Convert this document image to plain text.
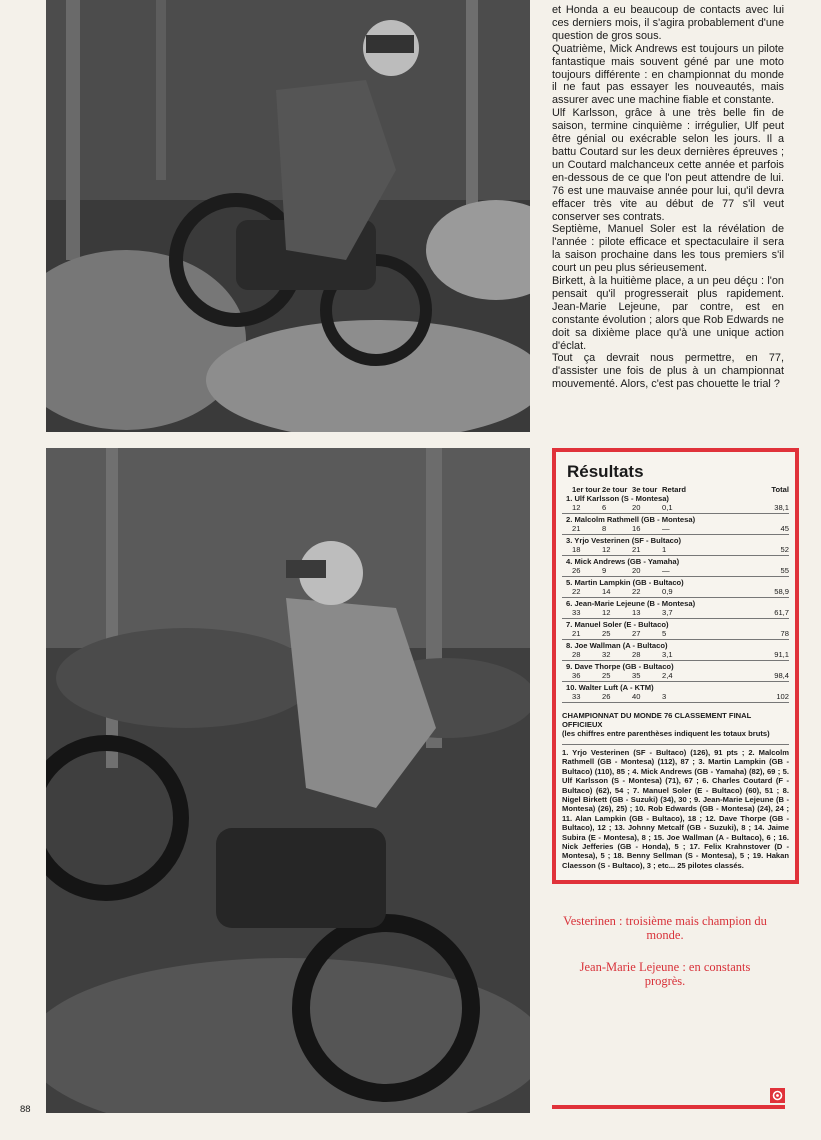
et Honda a eu beaucoup de contacts avec lui ces derniers mois, il s'agira probablement d'une question de gros sous.

Quatrième, Mick Andrews est toujours un pilote fantastique mais souvent géné par une moto toujours différente : en championnat du monde il ne faut pas essayer les nouveautés, mais assurer avec une machine fiable et constante.

Ulf Karlsson, grâce à une très belle fin de saison, termine cinquième : irrégulier, Ulf peut être génial ou exécrable selon les jours. Il a battu Coutard sur les deux dernières épreuves ; un Coutard malchanceux cette année et parfois en-dessous de ce que l'on peut attendre de lui. 76 est une mauvaise année pour lui, qu'il devra effacer très vite au début de 77 s'il veut conserver ses contrats.

Septième, Manuel Soler est la révélation de l'année : pilote efficace et spectaculaire il sera la saison prochaine dans les tous premiers s'il court un peu plus sérieusement.

Birkett, à la huitième place, a un peu déçu : l'on pensait qu'il progresserait plus rapidement. Jean-Marie Lejeune, par contre, est en constante évolution ; alors que Rob Edwards ne doit sa dixième place qu'à une unique action d'éclat.

Tout ça devrait nous permettre, en 77, d'assister une fois de plus à un championnat mouvementé. Alors, c'est pas chouette le trial ?

Résultats
1er tour 2e tour 3e tour Retard	Total
1. Ulf Karlsson (S - Montesa)
12	6	20	0,1	38,1
2. Malcolm Rathmell (GB - Montesa)
21	8	16	—	45
3. Yrjo Vesterinen (SF - Bultaco)
18	12	21	1	52
4. Mick Andrews (GB - Yamaha)
26	9	20	—	55
5. Martin Lampkin (GB - Bultaco)
22	14	22	0,9	58,9
6. Jean-Marie Lejeune (B - Montesa)
33	12	13	3,7	61,7
7. Manuel Soler (E - Bultaco)
21	25	27	5	78
8. Joe Wallman (A - Bultaco)
28	32	28	3,1	91,1
9. Dave Thorpe (GB - Bultaco)
36	25	35	2,4	98,4
10. Walter Luft (A - KTM)
33	26	40	3	102
CHAMPIONNAT DU MONDE 76 CLASSEMENT FINAL OFFICIEUX
(les chiffres entre parenthèses indiquent les totaux bruts)
1. Yrjo Vesterinen (SF - Bultaco) (126), 91 pts ; 2. Malcolm Rathmell (GB - Montesa) (112), 87 ; 3. Martin Lampkin (GB - Bultaco) (110), 85 ; 4. Mick Andrews (GB - Yamaha) (82), 69 ; 5. Ulf Karlsson (S - Montesa) (71), 67 ; 6. Charles Coutard (F - Bultaco) (62), 54 ; 7. Manuel Soler (E - Bultaco) (60), 51 ; 8. Nigel Birkett (GB - Suzuki) (34), 30 ; 9. Jean-Marie Lejeune (B - Montesa) (26), 25) ; 10. Rob Edwards (GB - Montesa) (24), 24 ; 11. Alan Lampkin (GB - Bultaco), 18 ; 12. Dave Thorpe (GB - Bultaco), 12 ; 13. Johnny Metcalf (GB - Suzuki), 8 ; 14. Jaime Subira (E - Montesa), 8 ; 15. Joe Wallman (A - Bultaco), 6 ; 16. Nick Jefferies (GB - Honda), 5 ; 17. Felix Krahnstover (D - Montesa), 5 ; 18. Benny Sellman (S - Montesa), 5 ; 19. Hakan Claesson (S - Bultaco), 3 ; etc... 25 pilotes classés.
Vesterinen : troisième mais champion du monde.
Jean-Marie Lejeune : en constants progrès.
88
